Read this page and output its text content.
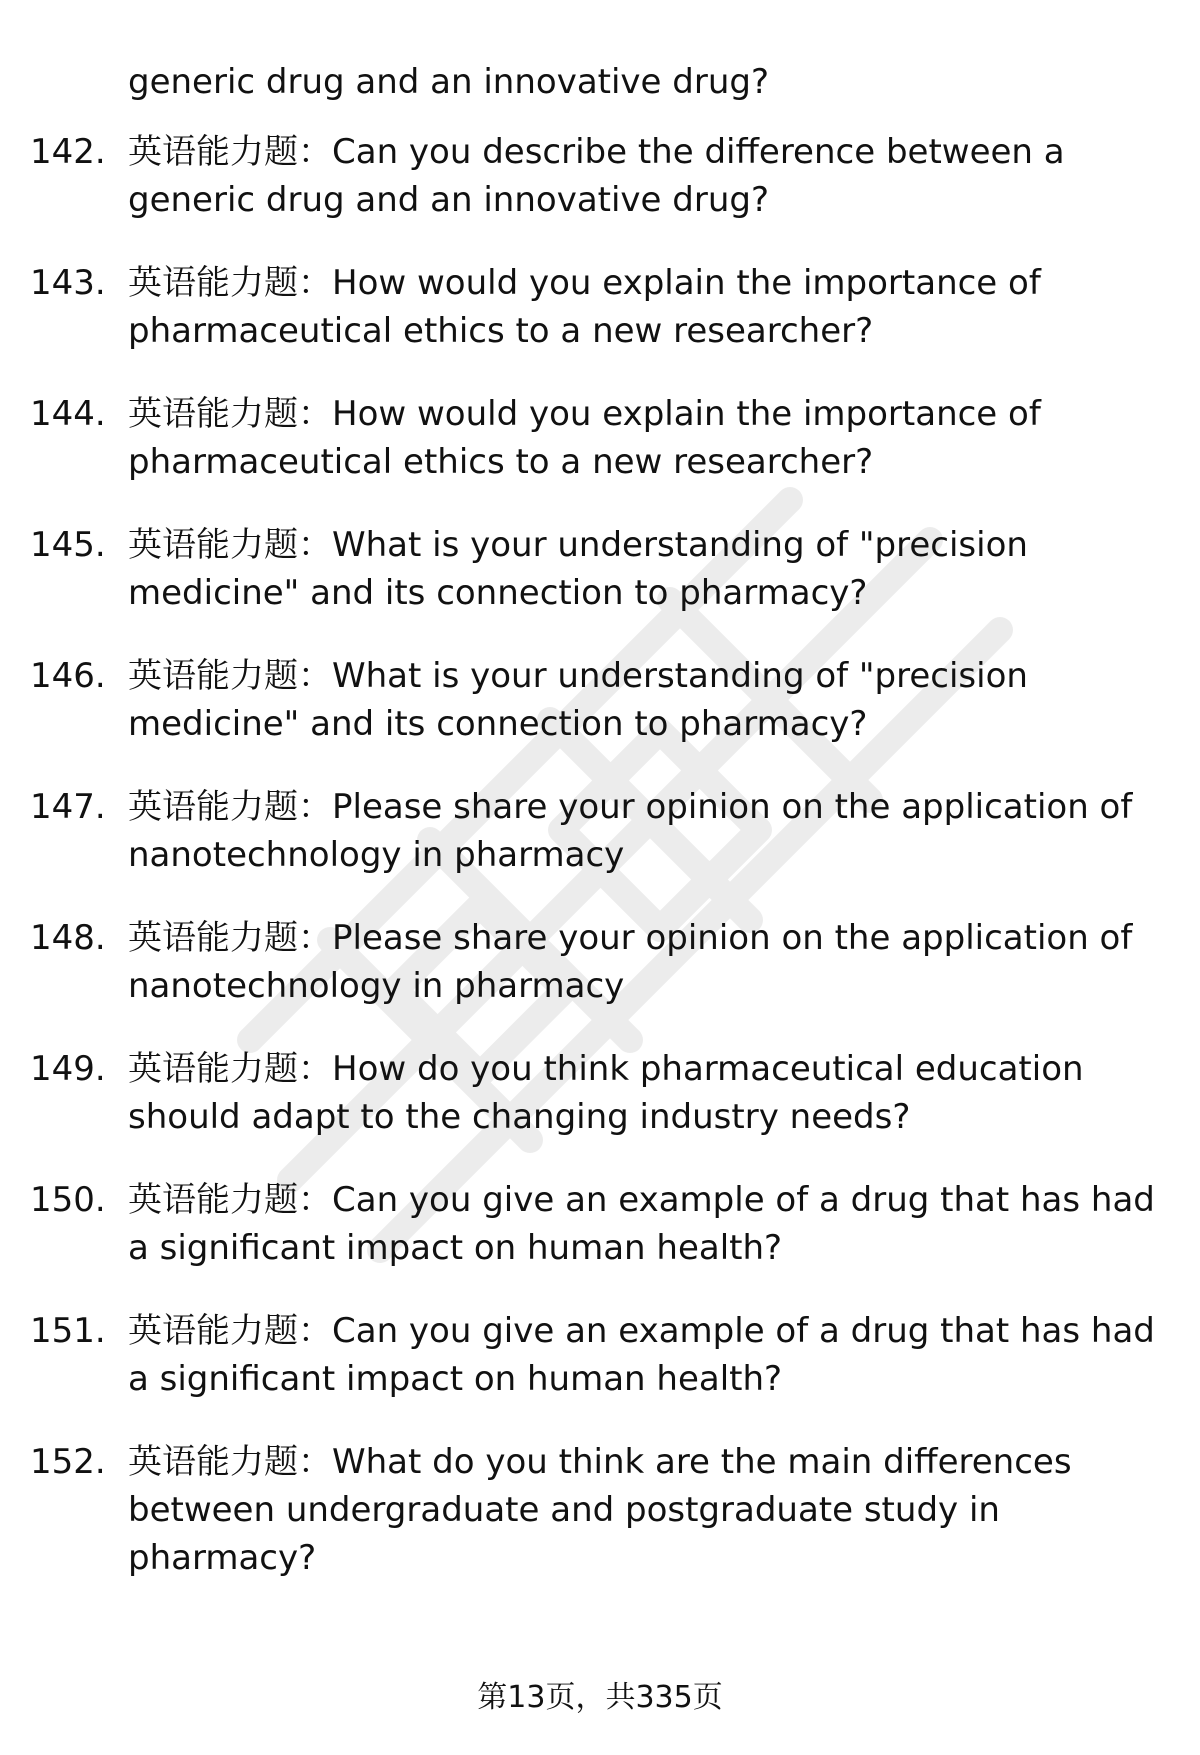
generic drug and an innovative drug?
142. 英语能力题：Can you describe the difference between a generic drug and an innovative drug?
143. 英语能力题：How would you explain the importance of pharmaceutical ethics to a new researcher?
144. 英语能力题：How would you explain the importance of pharmaceutical ethics to a new researcher?
145. 英语能力题：What is your understanding of "precision medicine" and its connection to pharmacy?
146. 英语能力题：What is your understanding of "precision medicine" and its connection to pharmacy?
147. 英语能力题：Please share your opinion on the application of nanotechnology in pharmacy
148. 英语能力题：Please share your opinion on the application of nanotechnology in pharmacy
149. 英语能力题：How do you think pharmaceutical education should adapt to the changing industry needs?
150. 英语能力题：Can you give an example of a drug that has had a significant impact on human health?
151. 英语能力题：Can you give an example of a drug that has had a significant impact on human health?
152. 英语能力题：What do you think are the main differences between undergraduate and postgraduate study in pharmacy?
第13页，共335页
